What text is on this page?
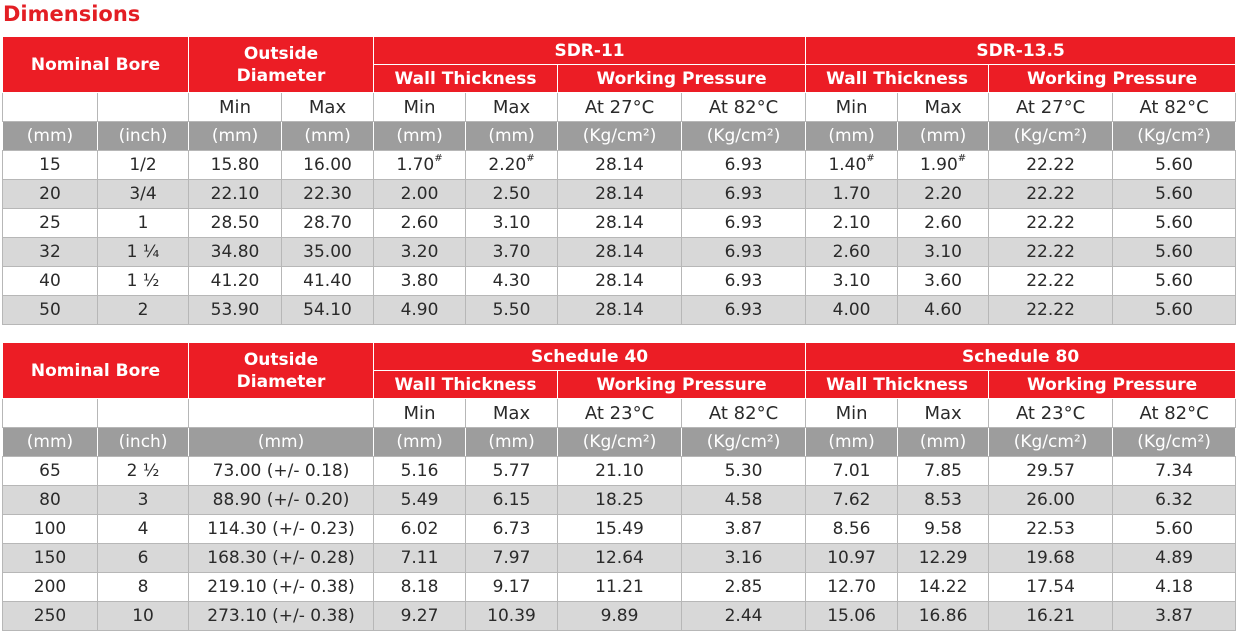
Dimensions
Nominal Bore		Outside Diameter		SDR-11				SDR-13.5			
				Wall Thickness		Working Pressure		Wall Thickness		Working Pressure	
		Min	Max	Min	Max	At 27°C	At 82°C	Min	Max	At 27°C	At 82°C
(mm)	(inch)	(mm)	(mm)	(mm)	(mm)	(Kg/cm²)	(Kg/cm²)	(mm)	(mm)	(Kg/cm²)	(Kg/cm²)
15	1/2	15.80	16.00	1.70#	2.20#	28.14	6.93	1.40#	1.90#	22.22	5.60
20	3/4	22.10	22.30	2.00	2.50	28.14	6.93	1.70	2.20	22.22	5.60
25	1	28.50	28.70	2.60	3.10	28.14	6.93	2.10	2.60	22.22	5.60
32	1 ¼	34.80	35.00	3.20	3.70	28.14	6.93	2.60	3.10	22.22	5.60
40	1 ½	41.20	41.40	3.80	4.30	28.14	6.93	3.10	3.60	22.22	5.60
50	2	53.90	54.10	4.90	5.50	28.14	6.93	4.00	4.60	22.22	5.60
Nominal Bore		Outside Diameter	Schedule 40				Schedule 80			
			Wall Thickness		Working Pressure		Wall Thickness		Working Pressure	
			Min	Max	At 23°C	At 82°C	Min	Max	At 23°C	At 82°C
(mm)	(inch)	(mm)	(mm)	(mm)	(Kg/cm²)	(Kg/cm²)	(mm)	(mm)	(Kg/cm²)	(Kg/cm²)
65	2 ½	73.00 (+/- 0.18)	5.16	5.77	21.10	5.30	7.01	7.85	29.57	7.34
80	3	88.90 (+/- 0.20)	5.49	6.15	18.25	4.58	7.62	8.53	26.00	6.32
100	4	114.30 (+/- 0.23)	6.02	6.73	15.49	3.87	8.56	9.58	22.53	5.60
150	6	168.30 (+/- 0.28)	7.11	7.97	12.64	3.16	10.97	12.29	19.68	4.89
200	8	219.10 (+/- 0.38)	8.18	9.17	11.21	2.85	12.70	14.22	17.54	4.18
250	10	273.10 (+/- 0.38)	9.27	10.39	9.89	2.44	15.06	16.86	16.21	3.87
